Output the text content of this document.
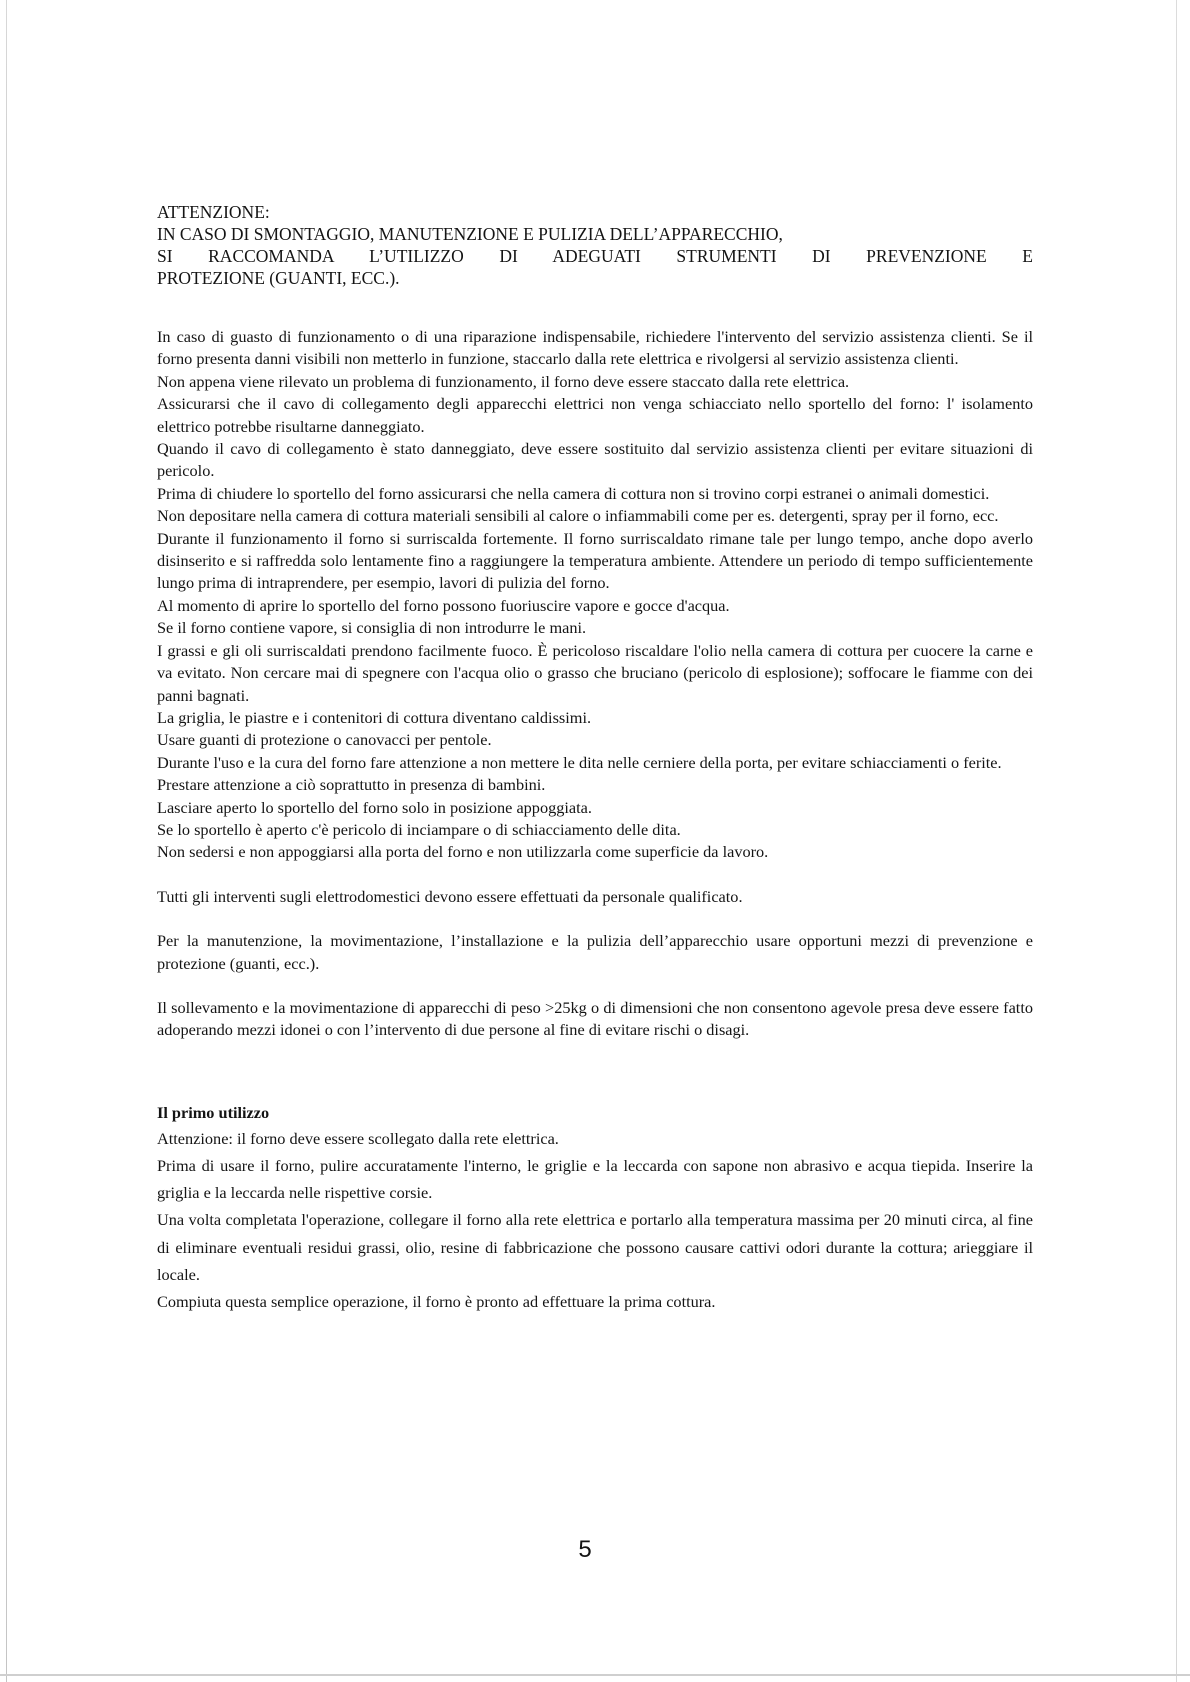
ATTENZIONE:
IN CASO DI SMONTAGGIO, MANUTENZIONE E PULIZIA DELL’APPARECCHIO,
SI RACCOMANDA L’UTILIZZO DI ADEGUATI STRUMENTI DI PREVENZIONE E
PROTEZIONE (GUANTI, ECC.).

In caso di guasto di funzionamento o di una riparazione indispensabile, richiedere l'intervento del servizio assistenza clienti. Se il forno presenta danni visibili non metterlo in funzione, staccarlo dalla rete elettrica e rivolgersi al servizio assistenza clienti.

Non appena viene rilevato un problema di funzionamento, il forno deve essere staccato dalla rete elettrica.

Assicurarsi che il cavo di collegamento degli apparecchi elettrici non venga schiacciato nello sportello del forno: l' isolamento elettrico potrebbe risultarne danneggiato.

Quando il cavo di collegamento è stato danneggiato, deve essere sostituito dal servizio assistenza clienti per evitare situazioni di pericolo.

Prima di chiudere lo sportello del forno assicurarsi che nella camera di cottura non si trovino corpi estranei o animali domestici.

Non depositare nella camera di cottura materiali sensibili al calore o infiammabili come per es. detergenti, spray per il forno, ecc.

Durante il funzionamento il forno si surriscalda fortemente. Il forno surriscaldato rimane tale per lungo tempo, anche dopo averlo disinserito e si raffredda solo lentamente fino a raggiungere la temperatura ambiente. Attendere un periodo di tempo sufficientemente lungo prima di intraprendere, per esempio, lavori di pulizia del forno.

Al momento di aprire lo sportello del forno possono fuoriuscire vapore e gocce d'acqua.

Se il forno contiene vapore, si consiglia di non introdurre le mani.

I grassi e gli oli surriscaldati prendono facilmente fuoco. È pericoloso riscaldare l'olio nella camera di cottura per cuocere la carne e va evitato. Non cercare mai di spegnere con l'acqua olio o grasso che bruciano (pericolo di esplosione); soffocare le fiamme con dei panni bagnati.

La griglia, le piastre e i contenitori di cottura diventano caldissimi.

Usare guanti di protezione o canovacci per pentole.

Durante l'uso e la cura del forno fare attenzione a non mettere le dita nelle cerniere della porta, per evitare schiacciamenti o ferite.

Prestare attenzione a ciò soprattutto in presenza di bambini.

Lasciare aperto lo sportello del forno solo in posizione appoggiata.

Se lo sportello è aperto c'è pericolo di inciampare o di schiacciamento delle dita.

Non sedersi e non appoggiarsi alla porta del forno e non utilizzarla come superficie da lavoro.

Tutti gli interventi sugli elettrodomestici devono essere effettuati da personale qualificato.

Per la manutenzione, la movimentazione, l’installazione e la pulizia dell’apparecchio usare opportuni mezzi di prevenzione e protezione (guanti, ecc.).

Il sollevamento e la movimentazione di apparecchi di peso >25kg o di dimensioni che non consentono agevole presa deve essere fatto adoperando mezzi idonei o con l’intervento di due persone al fine di evitare rischi o disagi.

Il primo utilizzo

Attenzione: il forno deve essere scollegato dalla rete elettrica.

Prima di usare il forno, pulire accuratamente l'interno, le griglie e la leccarda con sapone non abrasivo e acqua tiepida. Inserire la griglia e la leccarda nelle rispettive corsie.

Una volta completata l'operazione, collegare il forno alla rete elettrica e portarlo alla temperatura massima per 20 minuti circa, al fine di eliminare eventuali residui grassi, olio, resine di fabbricazione che possono causare cattivi odori durante la cottura; arieggiare il locale.

Compiuta questa semplice operazione, il forno è pronto ad effettuare la prima cottura.

5
